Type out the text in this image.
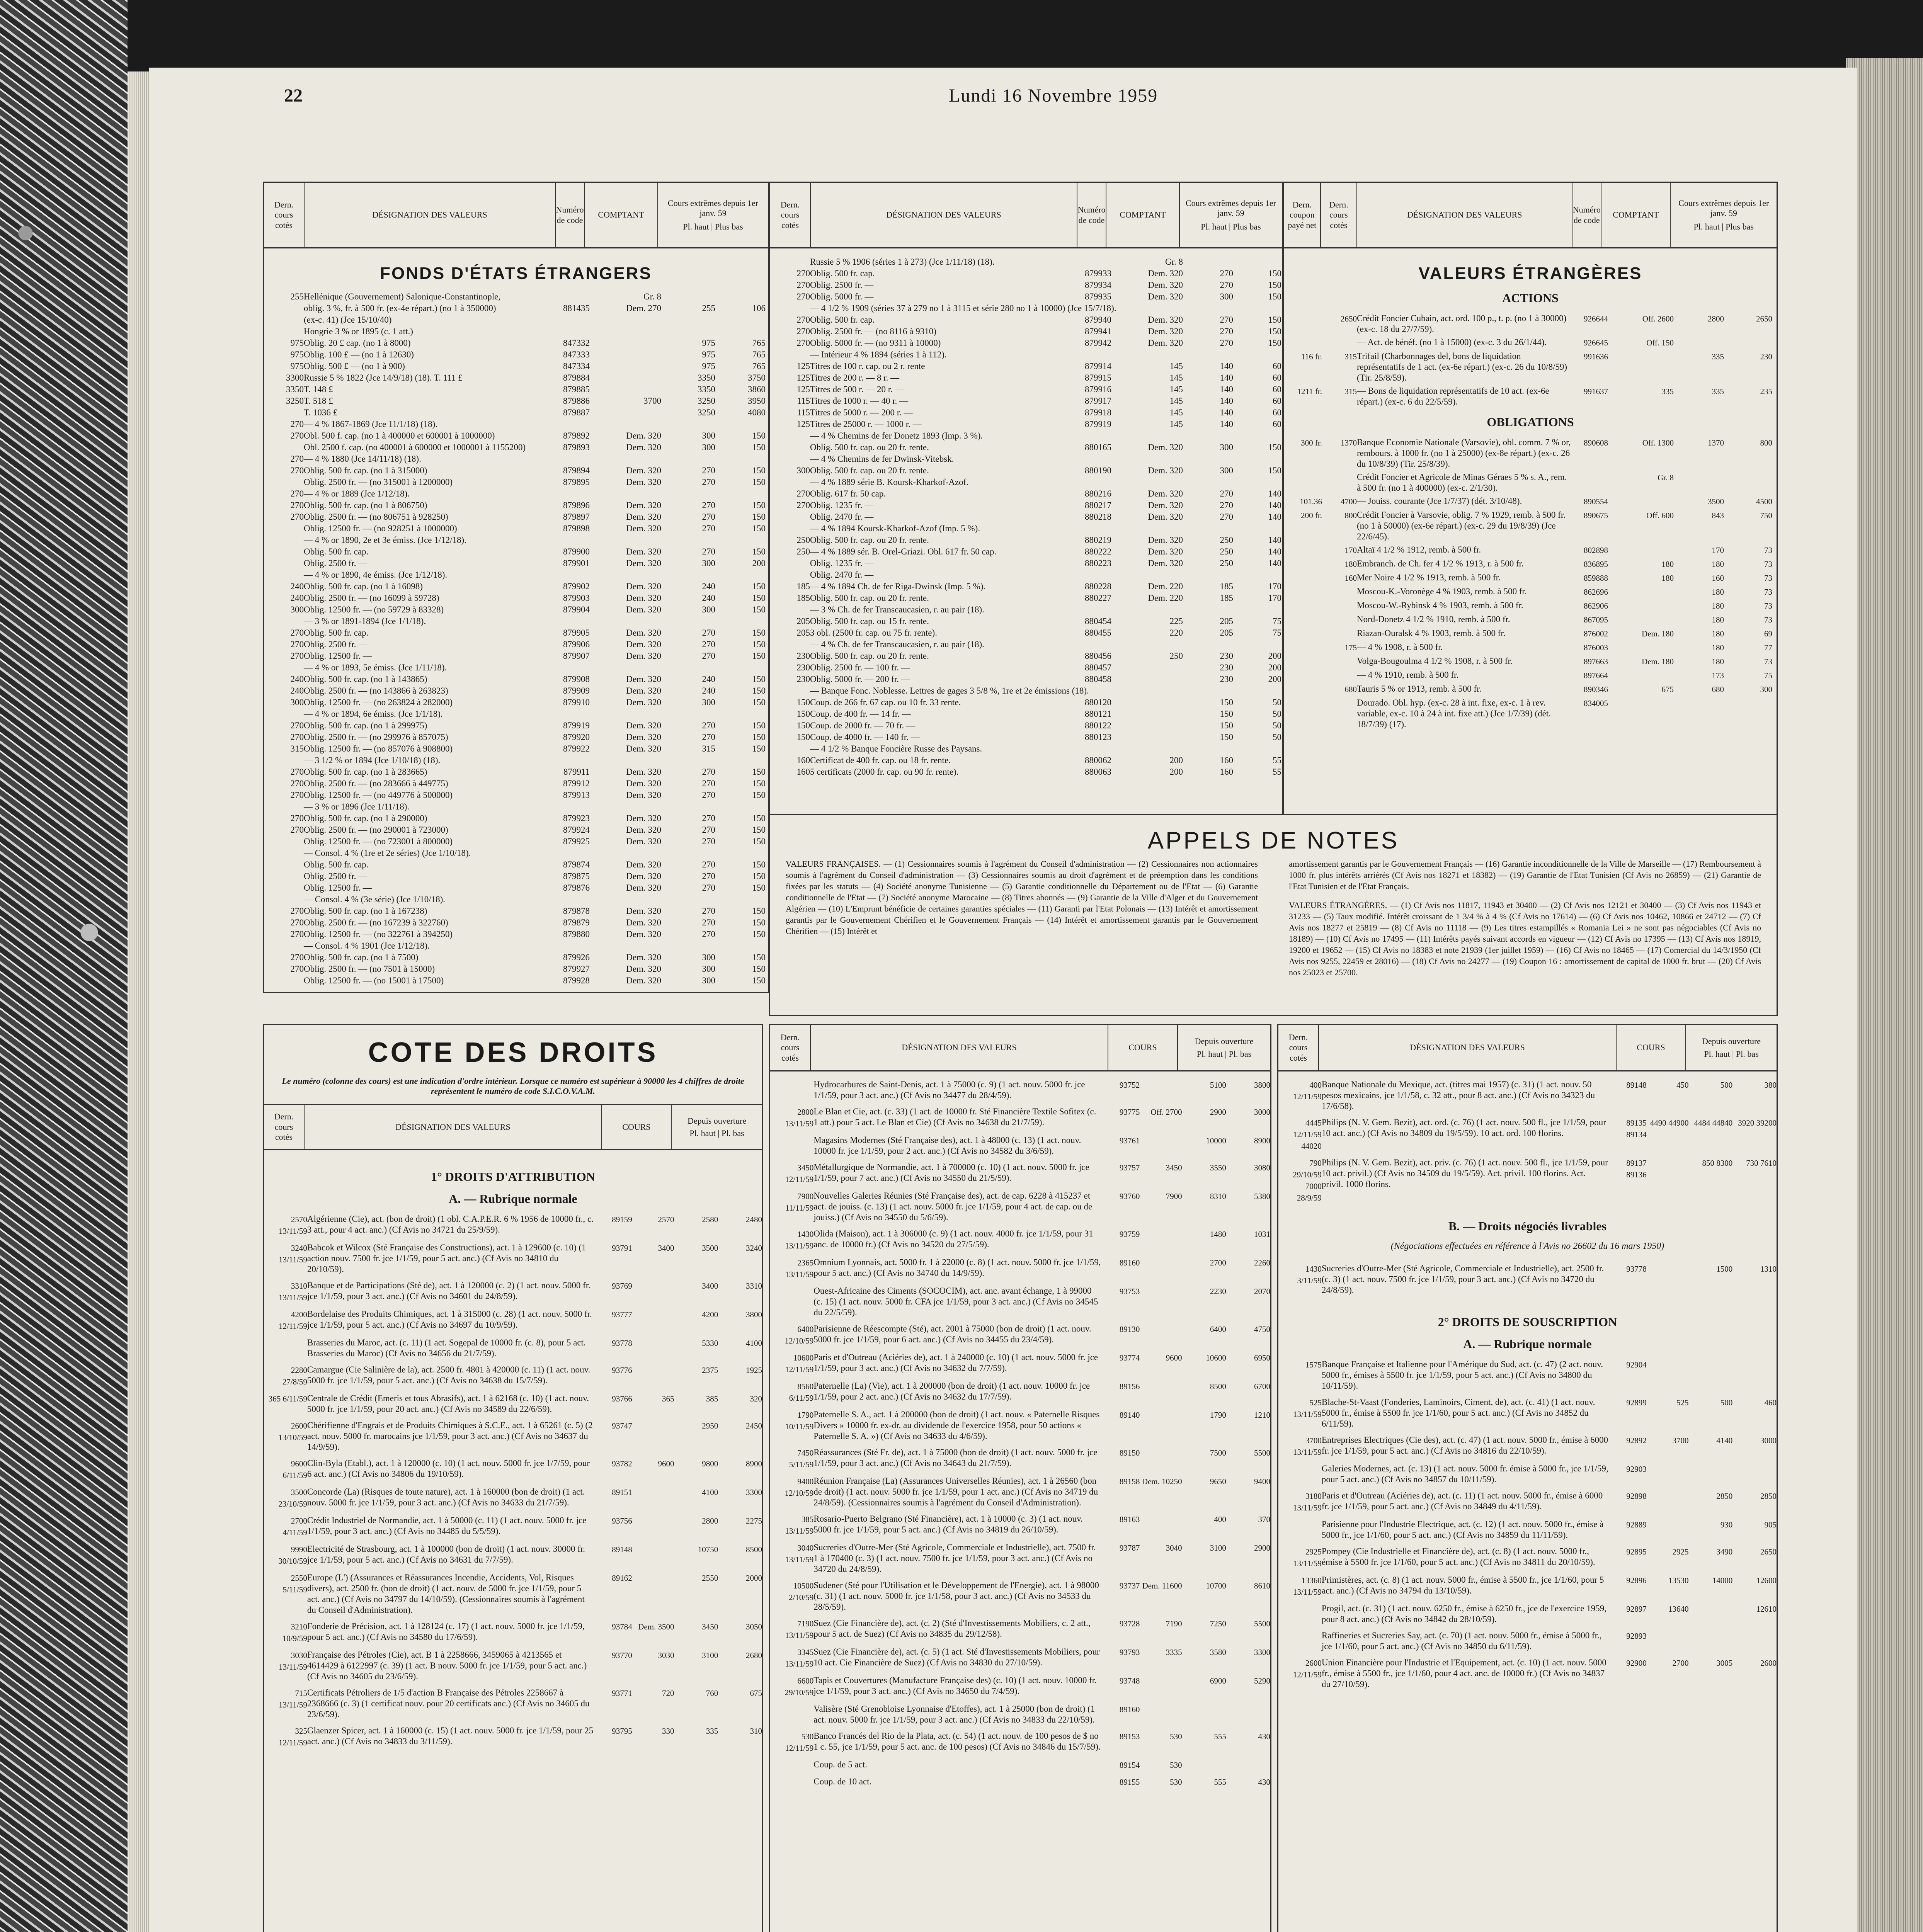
22	Lundi 16 Novembre 1959
Dern. cours cotés
DÉSIGNATION DES VALEURS
Numéro de code
COMPTANT
Cours extrêmes depuis 1er janv. 59
Pl. haut | Plus bas
FONDS D'ÉTATS ÉTRANGERS
255Hellénique (Gouvernement) Salonique-Constantinople,	Gr. 8
oblig. 3 %, fr. à 500 fr. (ex-4e répart.) (no 1 à 350000)	881435	Dem. 270	255	106
(ex-c. 41) (Jce 15/10/40)
Hongrie 3 % or 1895 (c. 1 att.)
975Oblig. 20 £ cap. (no 1 à 8000)	847332	975	765
975Oblig. 100 £ — (no 1 à 12630)	847333	975	765
975Oblig. 500 £ — (no 1 à 900)	847334	975	765
3300Russie 5 % 1822 (Jce 14/9/18) (18). T. 111 £	879884	3350	3750
3350T. 148 £	879885	3350	3860
3250T. 518 £	879886	3700	3250	3950
T. 1036 £	879887	3250	4080
270— 4 % 1867-1869 (Jce 11/1/18) (18).
270Obl. 500 f. cap. (no 1 à 400000 et 600001 à 1000000)	879892	Dem. 320	300	150
Obl. 2500 f. cap. (no 400001 à 600000 et 1000001 à 1155200)	879893	Dem. 320	300	150
270— 4 % 1880 (Jce 14/11/18) (18).
270Oblig. 500 fr. cap. (no 1 à 315000)	879894	Dem. 320	270	150
Oblig. 2500 fr. — (no 315001 à 1200000)	879895	Dem. 320	270	150
270— 4 % or 1889 (Jce 1/12/18).
270Oblig. 500 fr. cap. (no 1 à 806750)	879896	Dem. 320	270	150
270Oblig. 2500 fr. — (no 806751 à 928250)	879897	Dem. 320	270	150
Oblig. 12500 fr. — (no 928251 à 1000000)	879898	Dem. 320	270	150
— 4 % or 1890, 2e et 3e émiss. (Jce 1/12/18).
Oblig. 500 fr. cap.	879900	Dem. 320	270	150
Oblig. 2500 fr. —	879901	Dem. 320	300	200
— 4 % or 1890, 4e émiss. (Jce 1/12/18).
240Oblig. 500 fr. cap. (no 1 à 16098)	879902	Dem. 320	240	150
240Oblig. 2500 fr. — (no 16099 à 59728)	879903	Dem. 320	240	150
300Oblig. 12500 fr. — (no 59729 à 83328)	879904	Dem. 320	300	150
— 3 % or 1891-1894 (Jce 1/1/18).
270Oblig. 500 fr. cap.	879905	Dem. 320	270	150
270Oblig. 2500 fr. —	879906	Dem. 320	270	150
270Oblig. 12500 fr. —	879907	Dem. 320	270	150
— 4 % or 1893, 5e émiss. (Jce 1/11/18).
240Oblig. 500 fr. cap. (no 1 à 143865)	879908	Dem. 320	240	150
240Oblig. 2500 fr. — (no 143866 à 263823)	879909	Dem. 320	240	150
300Oblig. 12500 fr. — (no 263824 à 282000)	879910	Dem. 320	300	150
— 4 % or 1894, 6e émiss. (Jce 1/1/18).
270Oblig. 500 fr. cap. (no 1 à 299975)	879919	Dem. 320	270	150
270Oblig. 2500 fr. — (no 299976 à 857075)	879920	Dem. 320	270	150
315Oblig. 12500 fr. — (no 857076 à 908800)	879922	Dem. 320	315	150
— 3 1/2 % or 1894 (Jce 1/10/18) (18).
270Oblig. 500 fr. cap. (no 1 à 283665)	879911	Dem. 320	270	150
270Oblig. 2500 fr. — (no 283666 à 449775)	879912	Dem. 320	270	150
270Oblig. 12500 fr. — (no 449776 à 500000)	879913	Dem. 320	270	150
— 3 % or 1896 (Jce 1/11/18).
270Oblig. 500 fr. cap. (no 1 à 290000)	879923	Dem. 320	270	150
270Oblig. 2500 fr. — (no 290001 à 723000)	879924	Dem. 320	270	150
Oblig. 12500 fr. — (no 723001 à 800000)	879925	Dem. 320	270	150
— Consol. 4 % (1re et 2e séries) (Jce 1/10/18).
Oblig. 500 fr. cap.	879874	Dem. 320	270	150
Oblig. 2500 fr. —	879875	Dem. 320	270	150
Oblig. 12500 fr. —	879876	Dem. 320	270	150
— Consol. 4 % (3e série) (Jce 1/10/18).
270Oblig. 500 fr. cap. (no 1 à 167238)	879878	Dem. 320	270	150
270Oblig. 2500 fr. — (no 167239 à 322760)	879879	Dem. 320	270	150
270Oblig. 12500 fr. — (no 322761 à 394250)	879880	Dem. 320	270	150
— Consol. 4 % 1901 (Jce 1/12/18).
270Oblig. 500 fr. cap. (no 1 à 7500)	879926	Dem. 320	300	150
270Oblig. 2500 fr. — (no 7501 à 15000)	879927	Dem. 320	300	150
Oblig. 12500 fr. — (no 15001 à 17500)	879928	Dem. 320	300	150
Dern. cours cotés
DÉSIGNATION DES VALEURS
Numéro de code
COMPTANT
Cours extrêmes depuis 1er janv. 59
Pl. haut | Plus bas
Russie 5 % 1906 (séries 1 à 273) (Jce 1/11/18) (18).	Gr. 8
270Oblig. 500 fr. cap.	879933	Dem. 320	270	150
270Oblig. 2500 fr. —	879934	Dem. 320	270	150
270Oblig. 5000 fr. —	879935	Dem. 320	300	150
— 4 1/2 % 1909 (séries 37 à 279 no 1 à 3115 et série 280 no 1 à 10000) (Jce 15/7/18).
270Oblig. 500 fr. cap.	879940	Dem. 320	270	150
270Oblig. 2500 fr. — (no 8116 à 9310)	879941	Dem. 320	270	150
270Oblig. 5000 fr. — (no 9311 à 10000)	879942	Dem. 320	270	150
— Intérieur 4 % 1894 (séries 1 à 112).
125Titres de 100 r. cap. ou 2 r. rente	879914	145	140	60
125Titres de 200 r. — 8 r. —	879915	145	140	60
125Titres de 500 r. — 20 r. —	879916	145	140	60
115Titres de 1000 r. — 40 r. —	879917	145	140	60
115Titres de 5000 r. — 200 r. —	879918	145	140	60
125Titres de 25000 r. — 1000 r. —	879919	145	140	60
— 4 % Chemins de fer Donetz 1893 (Imp. 3 %).
Oblig. 500 fr. cap. ou 20 fr. rente.	880165	Dem. 320	300	150
— 4 % Chemins de fer Dwinsk-Vitebsk.
300Oblig. 500 fr. cap. ou 20 fr. rente.	880190	Dem. 320	300	150
— 4 % 1889 série B. Koursk-Kharkof-Azof.
270Oblig. 617 fr. 50 cap.	880216	Dem. 320	270	140
270Oblig. 1235 fr. —	880217	Dem. 320	270	140
Oblig. 2470 fr. —	880218	Dem. 320	270	140
— 4 % 1894 Koursk-Kharkof-Azof (Imp. 5 %).
250Oblig. 500 fr. cap. ou 20 fr. rente.	880219	Dem. 320	250	140
250— 4 % 1889 sér. B. Orel-Griazi. Obl. 617 fr. 50 cap.	880222	Dem. 320	250	140
Oblig. 1235 fr. —	880223	Dem. 320	250	140
Oblig. 2470 fr. —
185— 4 % 1894 Ch. de fer Riga-Dwinsk (Imp. 5 %).	880228	Dem. 220	185	170
185Oblig. 500 fr. cap. ou 20 fr. rente.	880227	Dem. 220	185	170
— 3 % Ch. de fer Transcaucasien, r. au pair (18).
205Oblig. 500 fr. cap. ou 15 fr. rente.	880454	225	205	75
2053 obl. (2500 fr. cap. ou 75 fr. rente).	880455	220	205	75
— 4 % Ch. de fer Transcaucasien, r. au pair (18).
230Oblig. 500 fr. cap. ou 20 fr. rente.	880456	250	230	200
230Oblig. 2500 fr. — 100 fr. —	880457	230	200
230Oblig. 5000 fr. — 200 fr. —	880458	230	200
— Banque Fonc. Noblesse. Lettres de gages 3 5/8 %, 1re et 2e émissions (18).
150Coup. de 266 fr. 67 cap. ou 10 fr. 33 rente.	880120	150	50
150Coup. de 400 fr. — 14 fr. —	880121	150	50
150Coup. de 2000 fr. — 70 fr. —	880122	150	50
150Coup. de 4000 fr. — 140 fr. —	880123	150	50
— 4 1/2 % Banque Foncière Russe des Paysans.
160Certificat de 400 fr. cap. ou 18 fr. rente.	880062	200	160	55
1605 certificats (2000 fr. cap. ou 90 fr. rente).	880063	200	160	55
Dern. coupon payé net
Dern. cours cotés
DÉSIGNATION DES VALEURS
Numéro de code
COMPTANT
Cours extrêmes depuis 1er janv. 59
Pl. haut | Plus bas
VALEURS ÉTRANGÈRES
ACTIONS
2650 Crédit Foncier Cubain, act. ord. 100 p., t. p. (no 1 à 30000) (ex-c. 18 du 27/7/59).
926644	Off. 2600	2800	2650
— Act. de bénéf. (no 1 à 15000) (ex-c. 3 du 26/1/44).	926645	Off. 150
116 fr.	315 Trifail (Charbonnages del, bons de liquidation représentatifs de 1 act. (ex-6e répart.) (ex-c. 26 du 10/8/59) (Tir. 25/8/59).
991636	335	230
1211 fr.	315 — Bons de liquidation représentatifs de 10 act. (ex-6e répart.) (ex-c. 6 du 22/5/59).
991637	335	335	235
OBLIGATIONS
300 fr.	1370 Banque Economie Nationale (Varsovie), obl. comm. 7 % or, rembours. à 1000 fr. (no 1 à 25000) (ex-8e répart.) (ex-c. 26 du 10/8/39) (Tir. 25/8/39).
890608	Off. 1300	1370	800
Crédit Foncier et Agricole de Minas Géraes 5 % s. A., rem. à 500 fr. (no 1 à 400000) (ex-c. 2/1/30).
Gr. 8
101.36	4700 — Jouiss. courante (Jce 1/7/37) (dét. 3/10/48).	890554	3500	4500
200 fr.	800 Crédit Foncier à Varsovie, oblig. 7 % 1929, remb. à 500 fr. (no 1 à 50000) (ex-6e répart.) (ex-c. 29 du 19/8/39) (Jce 22/6/45).
890675	Off. 600	843	750
170 Altaï 4 1/2 % 1912, remb. à 500 fr.	802898	170	73
180 Embranch. de Ch. fer 4 1/2 % 1913, r. à 500 fr.	836895	180	180	73
160 Mer Noire 4 1/2 % 1913, remb. à 500 fr.	859888	180	160	73
Moscou-K.-Voronège 4 % 1903, remb. à 500 fr.	862696	180	73
Moscou-W.-Rybinsk 4 % 1903, remb. à 500 fr.	862906	180	73
Nord-Donetz 4 1/2 % 1910, remb. à 500 fr.	867095	180	73
Riazan-Ouralsk 4 % 1903, remb. à 500 fr.	876002	Dem. 180	180	69
175 — 4 % 1908, r. à 500 fr.	876003	180	77
Volga-Bougoulma 4 1/2 % 1908, r. à 500 fr.	897663	Dem. 180	180	73
— 4 % 1910, remb. à 500 fr.	897664	173	75
680 Tauris 5 % or 1913, remb. à 500 fr.	890346	675	680	300
Dourado. Obl. hyp. (ex-c. 28 à int. fixe, ex-c. 1 à rev. variable, ex-c. 10 à 24 à int. fixe att.) (Jce 1/7/39) (dét. 18/7/39) (17).
834005
APPELS DE NOTES
VALEURS FRANÇAISES. — (1) Cessionnaires soumis à l'agrément du Conseil d'administration — (2) Cessionnaires non actionnaires soumis à l'agrément du Conseil d'administration — (3) Cessionnaires soumis au droit d'agrément et de préemption dans les conditions fixées par les statuts — (4) Société anonyme Tunisienne — (5) Garantie conditionnelle du Département ou de l'Etat — (6) Garantie conditionnelle de l'Etat — (7) Société anonyme Marocaine — (8) Titres abonnés — (9) Garantie de la Ville d'Alger et du Gouvernement Algérien — (10) L'Emprunt bénéficie de certaines garanties spéciales — (11) Garanti par l'Etat Polonais — (13) Intérêt et amortissement garantis par le Gouvernement Chérifien et le Gouvernement Français — (14) Intérêt et amortissement garantis par le Gouvernement Chérifien — (15) Intérêt et
amortissement garantis par le Gouvernement Français — (16) Garantie inconditionnelle de la Ville de Marseille — (17) Remboursement à 1000 fr. plus intérêts arriérés (Cf Avis nos 18271 et 18382) — (19) Garantie de l'Etat Tunisien (Cf Avis no 26859) — (21) Garantie de l'Etat Tunisien et de l'Etat Français.
VALEURS ÉTRANGÈRES. — (1) Cf Avis nos 11817, 11943 et 30400 — (2) Cf Avis nos 12121 et 30400 — (3) Cf Avis nos 11943 et 31233 — (5) Taux modifié. Intérêt croissant de 1 3/4 % à 4 % (Cf Avis no 17614) — (6) Cf Avis nos 10462, 10866 et 24712 — (7) Cf Avis nos 18277 et 25819 — (8) Cf Avis no 11118 — (9) Les titres estampillés « Romania Lei » ne sont pas négociables (Cf Avis no 18189) — (10) Cf Avis no 17495 — (11) Intérêts payés suivant accords en vigueur — (12) Cf Avis no 17395 — (13) Cf Avis nos 18919, 19200 et 19652 — (15) Cf Avis no 18383 et note 21939 (1er juillet 1959) — (16) Cf Avis no 18465 — (17) Comercial du 14/3/1950 (Cf Avis nos 9255, 22459 et 28016) — (18) Cf Avis no 24277 — (19) Coupon 16 : amortissement de capital de 1000 fr. brut — (20) Cf Avis nos 25023 et 25700.
COTE DES DROITS
Le numéro (colonne des cours) est une indication d'ordre intérieur. Lorsque ce numéro est supérieur à 90000 les 4 chiffres de droite représentent le numéro de code S.I.C.O.V.A.M.
Dern. cours cotés
DÉSIGNATION DES VALEURS	COURS
Depuis ouverture
Pl. haut | Pl. bas
1° DROITS D'ATTRIBUTION
A. — Rubrique normale
2570 13/11/59
Algérienne (Cie), act. (bon de droit) (1 obl. C.A.P.E.R. 6 % 1956 de 10000 fr., c. 3 att., pour 4 act. anc.) (Cf Avis no 34721 du 25/9/59).
89159	2570	2580	2480
3240 13/11/59
Babcok et Wilcox (Sté Française des Constructions), act. 1 à 129600 (c. 10) (1 action nouv. 7500 fr. jce 1/1/59, pour 5 act. anc.) (Cf Avis no 34810 du 20/10/59).
93791	3400	3500	3240
3310 13/11/59
Banque et de Participations (Sté de), act. 1 à 120000 (c. 2) (1 act. nouv. 5000 fr. jce 1/1/59, pour 3 act. anc.) (Cf Avis no 34601 du 24/8/59).
93769	3400	3310
4200 12/11/59
Bordelaise des Produits Chimiques, act. 1 à 315000 (c. 28) (1 act. nouv. 5000 fr. jce 1/1/59, pour 5 act. anc.) (Cf Avis no 34697 du 10/9/59).
93777	4200	3800
Brasseries du Maroc, act. (c. 11) (1 act. Sogepal de 10000 fr. (c. 8), pour 5 act. Brasseries du Maroc) (Cf Avis no 34656 du 21/7/59).
93778	5330	4100
2280 27/8/59
Camargue (Cie Salinière de la), act. 2500 fr. 4801 à 420000 (c. 11) (1 act. nouv. 5000 fr. jce 1/1/59, pour 5 act. anc.) (Cf Avis no 34638 du 15/7/59).
93776	2375	1925
365 6/11/59 Centrale de Crédit (Emeris et tous Abrasifs), act. 1 à 62168 (c. 10) (1 act. nouv. 5000 fr. jce 1/1/59, pour 20 act. anc.) (Cf Avis no 34589 du 22/6/59).
93766	365	385	320
2600 13/10/59
Chérifienne d'Engrais et de Produits Chimiques à S.C.E., act. 1 à 65261 (c. 5) (2 act. nouv. 5000 fr. marocains jce 1/1/59, pour 3 act. anc.) (Cf Avis no 34637 du 14/9/59).
93747	2950	2450
9600 6/11/59
Clin-Byla (Etabl.), act. 1 à 120000 (c. 10) (1 act. nouv. 5000 fr. jce 1/7/59, pour 6 act. anc.) (Cf Avis no 34806 du 19/10/59).
93782	9600	9800	8900
3500 23/10/59
Concorde (La) (Risques de toute nature), act. 1 à 160000 (bon de droit) (1 act. nouv. 5000 fr. jce 1/1/59, pour 3 act. anc.) (Cf Avis no 34633 du 21/7/59).
89151	4100	3300
2700 4/11/59
Crédit Industriel de Normandie, act. 1 à 50000 (c. 11) (1 act. nouv. 5000 fr. jce 1/1/59, pour 3 act. anc.) (Cf Avis no 34485 du 5/5/59).
93756	2800	2275
9990 30/10/59
Electricité de Strasbourg, act. 1 à 100000 (bon de droit) (1 act. nouv. 30000 fr. jce 1/1/59, pour 5 act. anc.) (Cf Avis no 34631 du 7/7/59).
89148	10750	8500
2550 5/11/59
Europe (L') (Assurances et Réassurances Incendie, Accidents, Vol, Risques divers), act. 2500 fr. (bon de droit) (1 act. nouv. de 5000 fr. jce 1/1/59, pour 5 act. anc.) (Cf Avis no 34797 du 14/10/59). (Cessionnaires soumis à l'agrément du Conseil d'Administration).
89162	2550	2000
3210 10/9/59
Fonderie de Précision, act. 1 à 128124 (c. 17) (1 act. nouv. 5000 fr. jce 1/1/59, pour 5 act. anc.) (Cf Avis no 34580 du 17/6/59).
93784 Dem. 3500	3450	3050
3030 13/11/59
Française des Pétroles (Cie), act. B 1 à 2258666, 3459065 à 4213565 et 4614429 à 6122997 (c. 39) (1 act. B nouv. 5000 fr. jce 1/1/59, pour 5 act. anc.) (Cf Avis no 34605 du 23/6/59).
93770	3030	3100	2680
715 13/11/59
Certificats Pétroliers de 1/5 d'action B Française des Pétroles 2258667 à 2368666 (c. 3) (1 certificat nouv. pour 20 certificats anc.) (Cf Avis no 34605 du 23/6/59).
93771	720	760	675
325 12/11/59
Glaenzer Spicer, act. 1 à 160000 (c. 15) (1 act. nouv. 5000 fr. jce 1/1/59, pour 25 act. anc.) (Cf Avis no 34833 du 3/11/59).
93795	330	335	310
Dern. cours cotés
DÉSIGNATION DES VALEURS	COURS
Depuis ouverture
Pl. haut | Pl. bas
Hydrocarbures de Saint-Denis, act. 1 à 75000 (c. 9) (1 act. nouv. 5000 fr. jce 1/1/59, pour 3 act. anc.) (Cf Avis no 34477 du 28/4/59).
93752	5100	3800
2800 13/11/59
Le Blan et Cie, act. (c. 33) (1 act. de 10000 fr. Sté Financière Textile Sofitex (c. 1 att.) pour 5 act. Le Blan et Cie) (Cf Avis no 34638 du 21/7/59).
93775	Off. 2700	2900	3000
Magasins Modernes (Sté Française des), act. 1 à 48000 (c. 13) (1 act. nouv. 10000 fr. jce 1/1/59, pour 2 act. anc.) (Cf Avis no 34582 du 3/6/59).
93761	10000	8900
3450 12/11/59
Métallurgique de Normandie, act. 1 à 700000 (c. 10) (1 act. nouv. 5000 fr. jce 1/1/59, pour 7 act. anc.) (Cf Avis no 34550 du 21/5/59).
93757	3450	3550	3080
7900 11/11/59
Nouvelles Galeries Réunies (Sté Française des), act. de cap. 6228 à 415237 et act. de jouiss. (c. 13) (1 act. nouv. 5000 fr. jce 1/1/59, pour 4 act. de cap. ou de jouiss.) (Cf Avis no 34550 du 5/6/59).
93760	7900	8310	5380
1430 13/11/59
Olida (Maison), act. 1 à 306000 (c. 9) (1 act. nouv. 4000 fr. jce 1/1/59, pour 31 anc. de 10000 fr.) (Cf Avis no 34520 du 27/5/59).
93759	1480	1031
2365 13/11/59
Omnium Lyonnais, act. 5000 fr. 1 à 22000 (c. 8) (1 act. nouv. 5000 fr. jce 1/1/59, pour 5 act. anc.) (Cf Avis no 34740 du 14/9/59).
89160	2700	2260
Ouest-Africaine des Ciments (SOCOCIM), act. anc. avant échange, 1 à 99000 (c. 15) (1 act. nouv. 5000 fr. CFA jce 1/1/59, pour 3 act. anc.) (Cf Avis no 34545 du 22/5/59).
93753	2230	2070
6400 12/10/59
Parisienne de Réescompte (Sté), act. 2001 à 75000 (bon de droit) (1 act. nouv. 5000 fr. jce 1/1/59, pour 6 act. anc.) (Cf Avis no 34455 du 23/4/59).
89130	6400	4750
10600 12/11/59
Paris et d'Outreau (Aciéries de), act. 1 à 240000 (c. 10) (1 act. nouv. 5000 fr. jce 1/1/59, pour 3 act. anc.) (Cf Avis no 34632 du 7/7/59).
93774	9600	10600	6950
8560 6/11/59
Paternelle (La) (Vie), act. 1 à 200000 (bon de droit) (1 act. nouv. 10000 fr. jce 1/1/59, pour 2 act. anc.) (Cf Avis no 34632 du 17/7/59).
89156	8500	6700
1790 10/11/59
Paternelle S. A., act. 1 à 200000 (bon de droit) (1 act. nouv. « Paternelle Risques Divers » 10000 fr. ex-dr. au dividende de l'exercice 1958, pour 50 actions « Paternelle S. A. ») (Cf Avis no 34633 du 4/6/59).
89140	1790	1210
7450 5/11/59
Réassurances (Sté Fr. de), act. 1 à 75000 (bon de droit) (1 act. nouv. 5000 fr. jce 1/1/59, pour 3 act. anc.) (Cf Avis no 34643 du 21/7/59).
89150	7500	5500
9400 12/10/59
Réunion Française (La) (Assurances Universelles Réunies), act. 1 à 26560 (bon de droit) (1 act. nouv. 5000 fr. jce 1/1/59, pour 1 act. anc.) (Cf Avis no 34719 du 24/8/59). (Cessionnaires soumis à l'agrément du Conseil d'Administration).
89158 Dem. 10250	9650	9400
385 13/11/59
Rosario-Puerto Belgrano (Sté Financière), act. 1 à 10000 (c. 3) (1 act. nouv. 5000 fr. jce 1/1/59, pour 5 act. anc.) (Cf Avis no 34819 du 26/10/59).
89163	400	370
3040 13/11/59
Sucreries d'Outre-Mer (Sté Agricole, Commerciale et Industrielle), act. 7500 fr. 1 à 170400 (c. 3) (1 act. nouv. 7500 fr. jce 1/1/59, pour 3 act. anc.) (Cf Avis no 34720 du 24/8/59).
93787	3040	3100	2900
10500 2/10/59
Sudener (Sté pour l'Utilisation et le Développement de l'Energie), act. 1 à 98000 (c. 31) (1 act. nouv. 5000 fr. jce 1/1/58, pour 3 act. anc.) (Cf Avis no 34533 du 28/5/59).
93737 Dem. 11600	10700	8610
7190 13/11/59
Suez (Cie Financière de), act. (c. 2) (Sté d'Investissements Mobiliers, c. 2 att., pour 5 act. de Suez) (Cf Avis no 34835 du 29/12/58).
93728	7190	7250	5500
3345 13/11/59
Suez (Cie Financière de), act. (c. 5) (1 act. Sté d'Investissements Mobiliers, pour 10 act. Cie Financière de Suez) (Cf Avis no 34830 du 27/10/59).
93793	3335	3580	3300
6600 29/10/59
Tapis et Couvertures (Manufacture Française des) (c. 10) (1 act. nouv. 10000 fr. jce 1/1/59, pour 3 act. anc.) (Cf Avis no 34650 du 7/4/59).
93748	6900	5290
Valisère (Sté Grenobloise Lyonnaise d'Etoffes), act. 1 à 25000 (bon de droit) (1 act. nouv. 5000 fr. jce 1/1/59, pour 3 act. anc.) (Cf Avis no 34833 du 22/10/59).
89160
530 12/11/59
Banco Francés del Rio de la Plata, act. (c. 54) (1 act. nouv. de 100 pesos de $ no 1 c. 55, jce 1/1/59, pour 5 act. anc. de 100 pesos) (Cf Avis no 34846 du 15/7/59).
89153	530	555	430
Coup. de 5 act.	89154	530
Coup. de 10 act.	89155	530	555	430
Dern. cours cotés
DÉSIGNATION DES VALEURS	COURS
Depuis ouverture
Pl. haut | Pl. bas
400 12/11/59
Banque Nationale du Mexique, act. (titres mai 1957) (c. 31) (1 act. nouv. 50 pesos mexicains, jce 1/1/58, c. 32 att., pour 8 act. anc.) (Cf Avis no 34323 du 17/6/58).
89148	450	500	380
4445 12/11/59 44020
Philips (N. V. Gem. Bezit), act. ord. (c. 76) (1 act. nouv. 500 fl., jce 1/1/59, pour 10 act. anc.) (Cf Avis no 34809 du 19/5/59). 10 act. ord. 100 florins.
89135 89134
4490 44900 4484 44840 3920 39200
790 29/10/59 7000 28/9/59
Philips (N. V. Gem. Bezit), act. priv. (c. 76) (1 act. nouv. 500 fl., jce 1/1/59, pour 10 act. privil.) (Cf Avis no 34509 du 19/5/59). Act. privil. 100 florins. Act. privil. 1000 florins.
89137 89136
850 8300	730 7610
B. — Droits négociés livrables
(Négociations effectuées en référence à l'Avis no 26602 du 16 mars 1950)
1430 3/11/59
Sucreries d'Outre-Mer (Sté Agricole, Commerciale et Industrielle), act. 2500 fr. (c. 3) (1 act. nouv. 7500 fr. jce 1/1/59, pour 3 act. anc.) (Cf Avis no 34720 du 24/8/59).
93778	1500	1310
2° DROITS DE SOUSCRIPTION
A. — Rubrique normale
1575 Banque Française et Italienne pour l'Amérique du Sud, act. (c. 47) (2 act. nouv. 5000 fr., émises à 5500 fr. jce 1/1/59, pour 5 act. anc.) (Cf Avis no 34800 du 10/11/59).
92904
525 13/11/59
Blache-St-Vaast (Fonderies, Laminoirs, Ciment, de), act. (c. 41) (1 act. nouv. 5000 fr., émise à 5500 fr. jce 1/1/60, pour 5 act. anc.) (Cf Avis no 34852 du 6/11/59).
92899	525	500	460
3700 13/11/59
Entreprises Electriques (Cie des), act. (c. 47) (1 act. nouv. 5000 fr., émise à 6000 fr. jce 1/1/59, pour 5 act. anc.) (Cf Avis no 34816 du 22/10/59).
92892	3700	4140	3000
Galeries Modernes, act. (c. 13) (1 act. nouv. 5000 fr. émise à 5000 fr., jce 1/1/59, pour 5 act. anc.) (Cf Avis no 34857 du 10/11/59).
92903
3180 13/11/59
Paris et d'Outreau (Aciéries de), act. (c. 11) (1 act. nouv. 5000 fr., émise à 6000 fr. jce 1/1/59, pour 5 act. anc.) (Cf Avis no 34849 du 4/11/59).
92898	2850	2850
Parisienne pour l'Industrie Electrique, act. (c. 12) (1 act. nouv. 5000 fr., émise à 5000 fr., jce 1/1/60, pour 5 act. anc.) (Cf Avis no 34859 du 11/11/59).
92889	930	905
2925 13/11/59
Pompey (Cie Industrielle et Financière de), act. (c. 8) (1 act. nouv. 5000 fr., émise à 5500 fr. jce 1/1/60, pour 5 act. anc.) (Cf Avis no 34811 du 20/10/59).
92895	2925	3490	2650
13360 13/11/59
Primistères, act. (c. 8) (1 act. nouv. 5000 fr., émise à 5500 fr., jce 1/1/60, pour 5 act. anc.) (Cf Avis no 34794 du 13/10/59).
92896	13530	14000	12600
Progil, act. (c. 31) (1 act. nouv. 6250 fr., émise à 6250 fr., jce de l'exercice 1959, pour 8 act. anc.) (Cf Avis no 34842 du 28/10/59).
92897	13640	12610
Raffineries et Sucreries Say, act. (c. 70) (1 act. nouv. 5000 fr., émise à 5000 fr., jce 1/1/60, pour 5 act. anc.) (Cf Avis no 34850 du 6/11/59).
92893
2600 12/11/59
Union Financière pour l'Industrie et l'Equipement, act. (c. 10) (1 act. nouv. 5000 fr., émise à 5500 fr., jce 1/1/60, pour 4 act. anc. de 10000 fr.) (Cf Avis no 34837 du 27/10/59).
92900	2700	3005	2600
